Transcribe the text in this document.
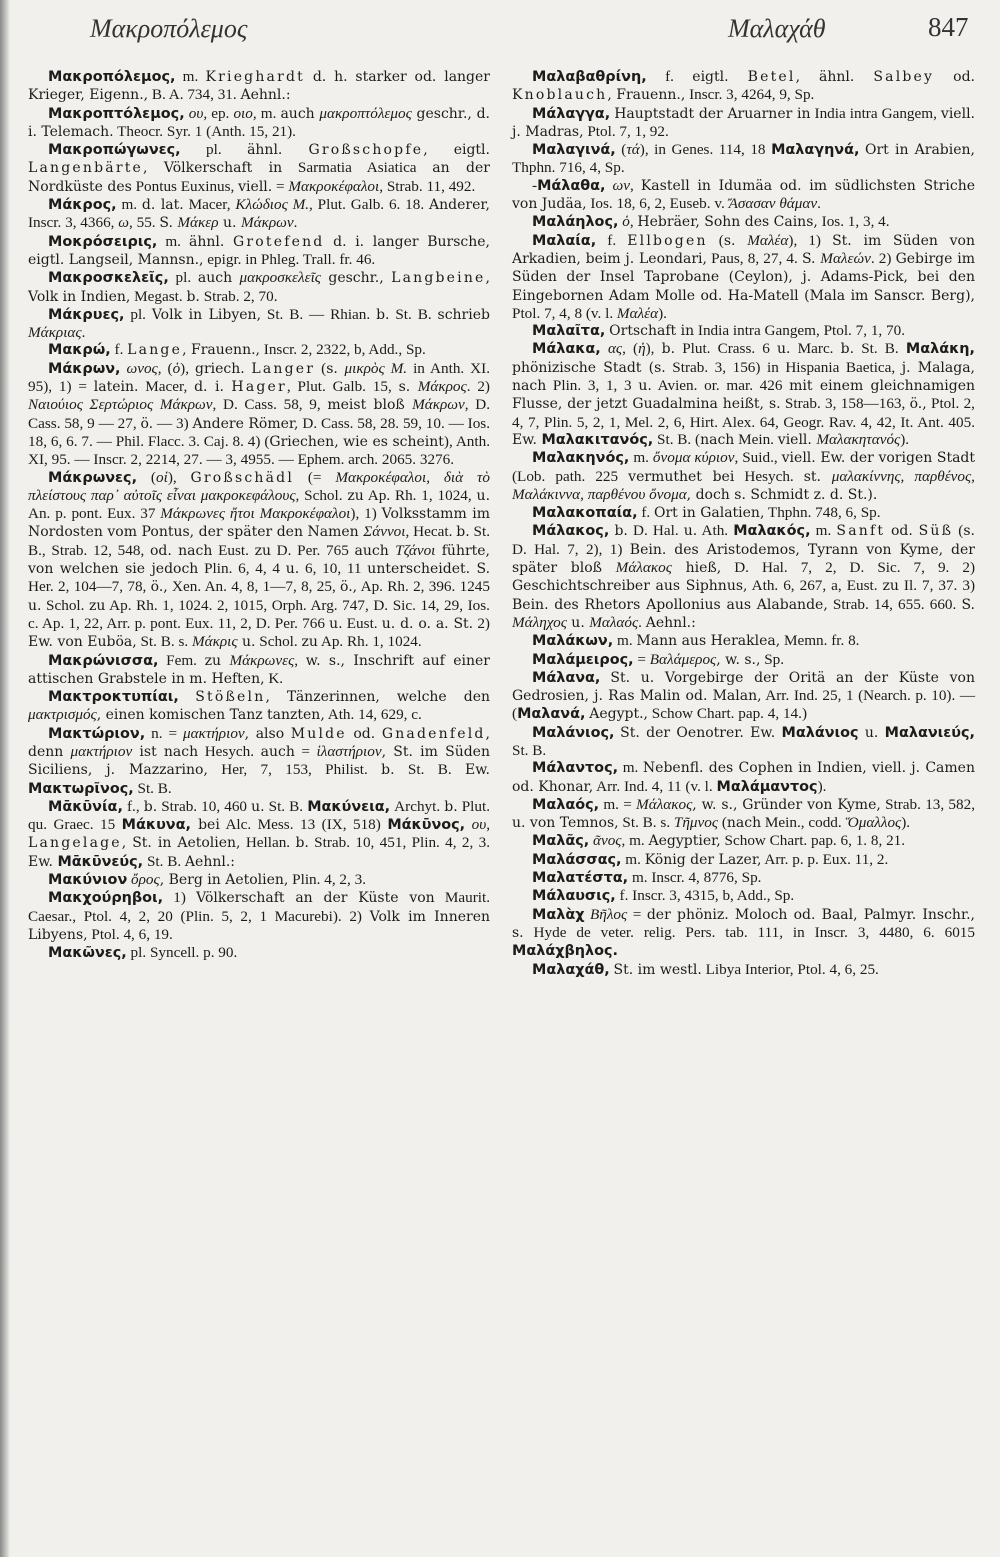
Μακροπόλεμος	Μαλαχάθ	847

Μακροπόλεμος, m. Krieghardt d. h. starker od. langer Krieger, Eigenn., B. A. 734, 31. Aehnl.:

Μακροπτόλεμος, ου, ep. οιο, m. auch μακροπτόλεμος geschr., d. i. Telemach. Theocr. Syr. 1 (Anth. 15, 21).

Μακροπώγωνες, pl. ähnl. Großschopfe, eigtl. Langenbärte, Völkerschaft in Sarmatia Asiatica an der Nordküste des Pontus Euxinus, viell. = Μακροκέφαλοι, Strab. 11, 492.

Μάκρος, m. d. lat. Macer, Κλώδιος Μ., Plut. Galb. 6. 18. Anderer, Inscr. 3, 4366, ω, 55. S. Μάκερ u. Μάκρων.

Μοκρόσειρις, m. ähnl. Grotefend d. i. langer Bursche, eigtl. Langseil, Mannsn., epigr. in Phleg. Trall. fr. 46.

Μακροσκελεῖς, pl. auch μακροσκελεῖς geschr., Langbeine, Volk in Indien, Megast. b. Strab. 2, 70.

Μάκρυες, pl. Volk in Libyen, St. B. — Rhian. b. St. B. schrieb Μάκριας.

Μακρώ, f. Lange, Frauenn., Inscr. 2, 2322, b, Add., Sp.

Μάκρων, ωνος, (ὁ), griech. Langer (s. μικρὸς Μ. in Anth. XI. 95), 1) = latein. Macer, d. i. Hager, Plut. Galb. 15, s. Μάκρος. 2) Ναιούιος Σερτώριος Μάκρων, D. Cass. 58, 9, meist bloß Μάκρων, D. Cass. 58, 9 — 27, ö. — 3) Andere Römer, D. Cass. 58, 28. 59, 10. — Ios. 18, 6, 6. 7. — Phil. Flacc. 3. Caj. 8. 4) (Griechen, wie es scheint), Anth. XI, 95. — Inscr. 2, 2214, 27. — 3, 4955. — Ephem. arch. 2065. 3276.

Μάκρωνες, (οἱ), Großschädl (= Μακροκέφαλοι, διὰ τὸ πλείστους παρ᾽ αὐτοῖς εἶναι μακροκεφάλους, Schol. zu Ap. Rh. 1, 1024, u. An. p. pont. Eux. 37 Μάκρωνες ἤτοι Μακροκέφαλοι), 1) Volksstamm im Nordosten vom Pontus, der später den Namen Σάννοι, Hecat. b. St. B., Strab. 12, 548, od. nach Eust. zu D. Per. 765 auch Τζάνοι führte, von welchen sie jedoch Plin. 6, 4, 4 u. 6, 10, 11 unterscheidet. S. Her. 2, 104—7, 78, ö., Xen. An. 4, 8, 1—7, 8, 25, ö., Ap. Rh. 2, 396. 1245 u. Schol. zu Ap. Rh. 1, 1024. 2, 1015, Orph. Arg. 747, D. Sic. 14, 29, Ios. c. Ap. 1, 22, Arr. p. pont. Eux. 11, 2, D. Per. 766 u. Eust. u. d. o. a. St. 2) Ew. von Euböa, St. B. s. Μάκρις u. Schol. zu Ap. Rh. 1, 1024.

Μακρώνισσα, Fem. zu Μάκρωνες, w. s., Inschrift auf einer attischen Grabstele in m. Heften, K.

Μακτροκτυπίαι, Stößeln, Tänzerinnen, welche den μακτρισμός, einen komischen Tanz tanzten, Ath. 14, 629, c.

Μακτώριον, n. = μακτήριον, also Mulde od. Gnadenfeld, denn μακτήριον ist nach Hesych. auch = ἱλαστήριον, St. im Süden Siciliens, j. Mazzarino, Her, 7, 153, Philist. b. St. B. Ew. Μακτωρῖνος, St. B.

Μᾱκῡνία, f., b. Strab. 10, 460 u. St. B. Μακύνεια, Archyt. b. Plut. qu. Graec. 15 Μάκυνα, bei Alc. Mess. 13 (IX, 518) Μάκῡνος, ου, Langelage, St. in Aetolien, Hellan. b. Strab. 10, 451, Plin. 4, 2, 3. Ew. Μᾱκῡνεύς, St. B. Aehnl.:

Μακύνιον ὄρος, Berg in Aetolien, Plin. 4, 2, 3.

Μακχούρηβοι, 1) Völkerschaft an der Küste von Maurit. Caesar., Ptol. 4, 2, 20 (Plin. 5, 2, 1 Macurebi). 2) Volk im Inneren Libyens, Ptol. 4, 6, 19.

Μακῶνες, pl. Syncell. p. 90.

Μαλαβαθρίνη, f. eigtl. Betel, ähnl. Salbey od. Knoblauch, Frauenn., Inscr. 3, 4264, 9, Sp.

Μάλαγγα, Hauptstadt der Aruarner in India intra Gangem, viell. j. Madras, Ptol. 7, 1, 92.

Μαλαγινά, (τά), in Genes. 114, 18 Μαλαγηνά, Ort in Arabien, Thphn. 716, 4, Sp.

-Μάλαθα, ων, Kastell in Idumäa od. im südlichsten Striche von Judäa, Ios. 18, 6, 2, Euseb. v. Ἄσασαν θάμαν.

Μαλάηλος, ὁ, Hebräer, Sohn des Cains, Ios. 1, 3, 4.

Μαλαία, f. Ellbogen (s. Μαλέα), 1) St. im Süden von Arkadien, beim j. Leondari, Paus, 8, 27, 4. S. Μαλεών. 2) Gebirge im Süden der Insel Taprobane (Ceylon), j. Adams-Pick, bei den Eingebornen Adam Molle od. Ha-Matell (Mala im Sanscr. Berg), Ptol. 7, 4, 8 (v. l. Μαλέα).

Μαλαῖτα, Ortschaft in India intra Gangem, Ptol. 7, 1, 70.

Μάλακα, ας, (ἡ), b. Plut. Crass. 6 u. Marc. b. St. B. Μαλάκη, phönizische Stadt (s. Strab. 3, 156) in Hispania Baetica, j. Malaga, nach Plin. 3, 1, 3 u. Avien. or. mar. 426 mit einem gleichnamigen Flusse, der jetzt Guadalmina heißt, s. Strab. 3, 158—163, ö., Ptol. 2, 4, 7, Plin. 5, 2, 1, Mel. 2, 6, Hirt. Alex. 64, Geogr. Rav. 4, 42, It. Ant. 405. Ew. Μαλακιτανός, St. B. (nach Mein. viell. Μαλακητανός).

Μαλακηνός, m. ὄνομα κύριον, Suid., viell. Ew. der vorigen Stadt (Lob. path. 225 vermuthet bei Hesych. st. μαλακίννης, παρθένος, Μαλάκιννα, παρθένου ὄνομα, doch s. Schmidt z. d. St.).

Μαλακοπαία, f. Ort in Galatien, Thphn. 748, 6, Sp.

Μάλακος, b. D. Hal. u. Ath. Μαλακός, m. Sanft od. Süß (s. D. Hal. 7, 2), 1) Bein. des Aristodemos, Tyrann von Kyme, der später bloß Μάλακος hieß, D. Hal. 7, 2, D. Sic. 7, 9. 2) Geschichtschreiber aus Siphnus, Ath. 6, 267, a, Eust. zu Il. 7, 37. 3) Bein. des Rhetors Apollonius aus Alabande, Strab. 14, 655. 660. S. Μάληχος u. Μαλαός. Aehnl.:

Μαλάκων, m. Mann aus Heraklea, Memn. fr. 8.

Μαλάμειρος, = Βαλάμερος, w. s., Sp.

Μάλανα, St. u. Vorgebirge der Oritä an der Küste von Gedrosien, j. Ras Malin od. Malan, Arr. Ind. 25, 1 (Nearch. p. 10). — (Μαλανά, Aegypt., Schow Chart. pap. 4, 14.)

Μαλάνιος, St. der Oenotrer. Ew. Μαλάνιος u. Μαλανιεύς, St. B.

Μάλαντος, m. Nebenfl. des Cophen in Indien, viell. j. Camen od. Khonar, Arr. Ind. 4, 11 (v. l. Μαλάμαντος).

Μαλαός, m. = Μάλακος, w. s., Gründer von Kyme, Strab. 13, 582, u. von Temnos, St. B. s. Τῆμνος (nach Mein., codd. Ὅμαλλος).

Μαλᾶς, ᾶνος, m. Aegyptier, Schow Chart. pap. 6, 1. 8, 21.

Μαλάσσας, m. König der Lazer, Arr. p. p. Eux. 11, 2.

Μαλατέστα, m. Inscr. 4, 8776, Sp.

Μάλαυσις, f. Inscr. 3, 4315, b, Add., Sp.

Μαλὰχ Βῆλος = der phöniz. Moloch od. Baal, Palmyr. Inschr., s. Hyde de veter. relig. Pers. tab. 111, in Inscr. 3, 4480, 6. 6015 Μαλάχβηλος.

Μαλαχάθ, St. im westl. Libya Interior, Ptol. 4, 6, 25.
